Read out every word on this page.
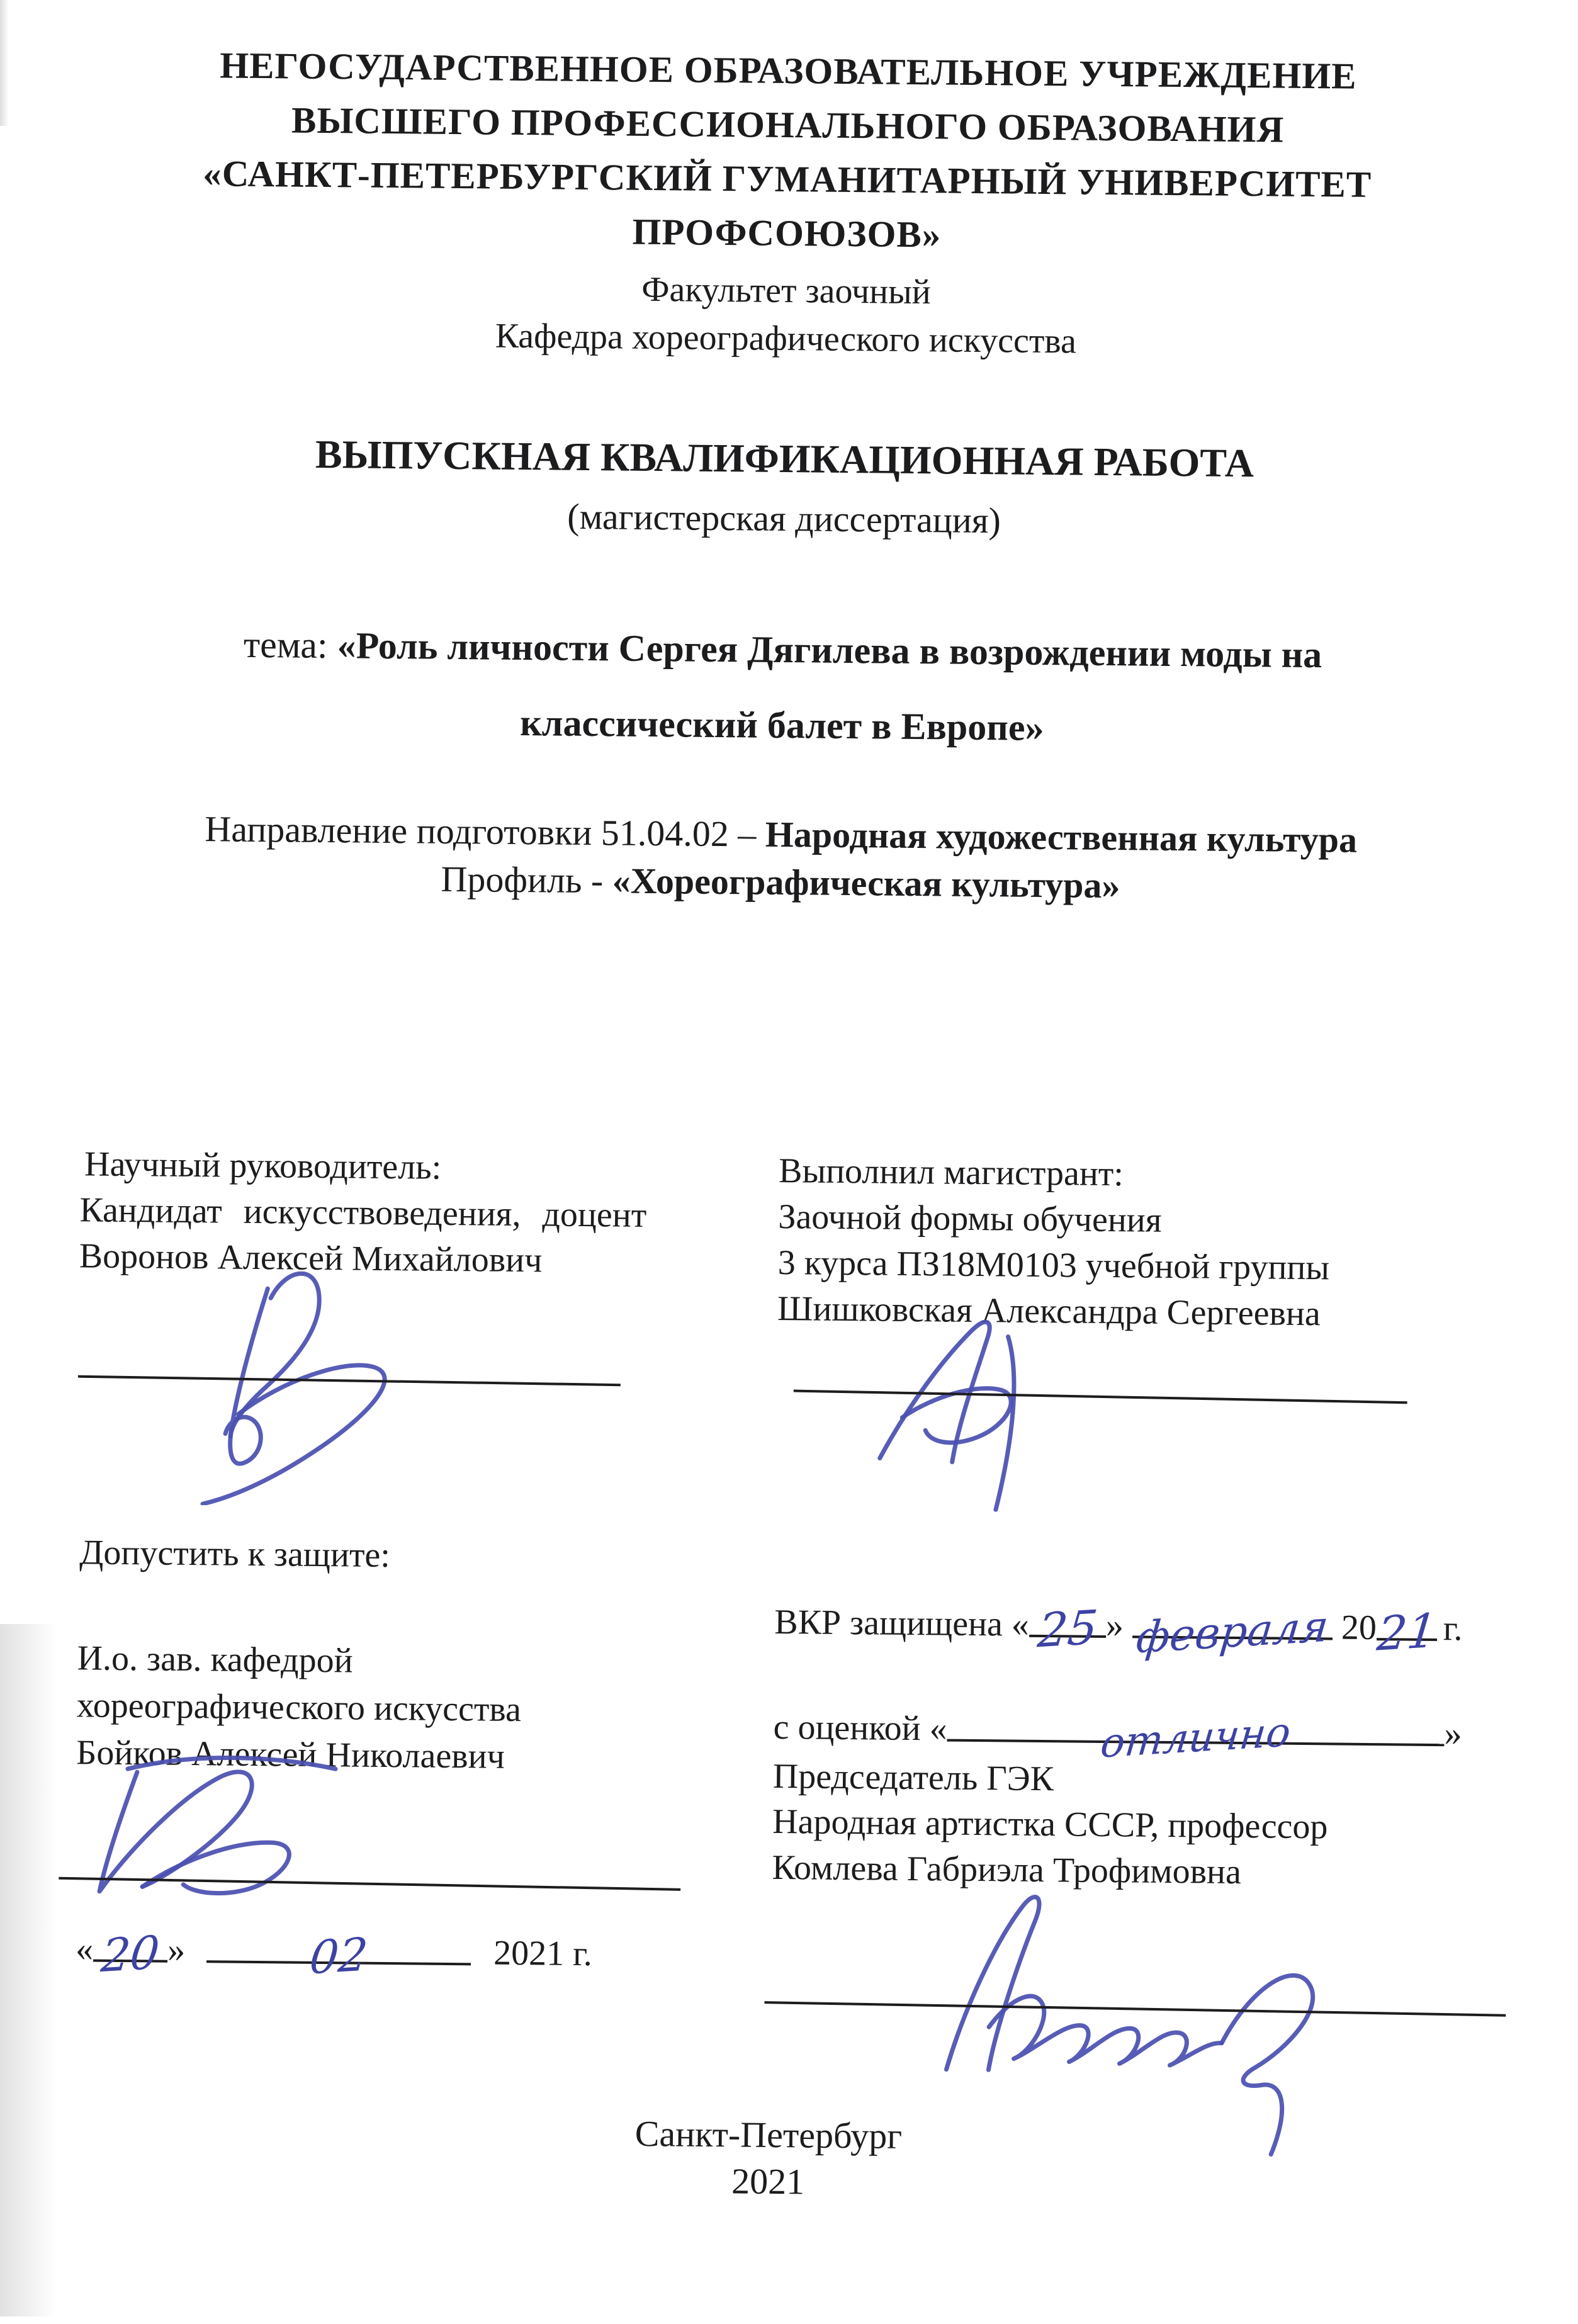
НЕГОСУДАРСТВЕННОЕ ОБРАЗОВАТЕЛЬНОЕ УЧРЕЖДЕНИЕ
ВЫСШЕГО ПРОФЕССИОНАЛЬНОГО ОБРАЗОВАНИЯ
«САНКТ-ПЕТЕРБУРГСКИЙ ГУМАНИТАРНЫЙ УНИВЕРСИТЕТ
ПРОФСОЮЗОВ»
Факультет заочный
Кафедра хореографического искусства
ВЫПУСКНАЯ КВАЛИФИКАЦИОННАЯ РАБОТА
(магистерская диссертация)
тема: «Роль личности Сергея Дягилева в возрождении моды на
классический балет в Европе»
Направление подготовки 51.04.02 – Народная художественная культура
Профиль - «Хореографическая культура»
Научный руководитель:
Кандидат искусствоведения, доцент
Воронов Алексей Михайлович
Выполнил магистрант:
Заочной формы обучения
3 курса ПЗ18М0103 учебной группы
Шишковская Александра Сергеевна
Допустить к защите:
И.о. зав. кафедрой
хореографического искусства
Бойков Алексей Николаевич
« 20 »	02	2021 г.
ВКР защищена « 25 » февраля 2021 г.
с оценкой «	отлично	»
Председатель ГЭК
Народная артистка СССР, профессор
Комлева Габриэла Трофимовна
Санкт-Петербург
2021
